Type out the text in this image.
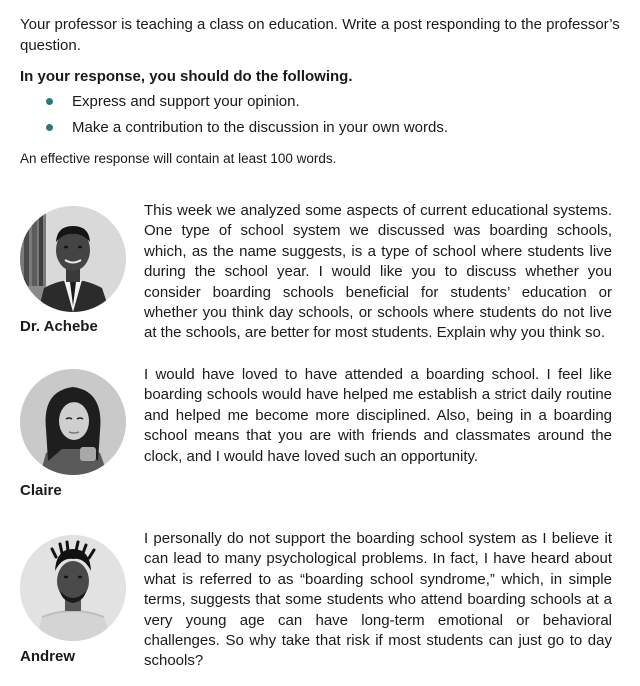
Your professor is teaching a class on education. Write a post responding to the professor’s question.

In your response, you should do the following.

Express and support your opinion.
Make a contribution to the discussion in your own words.

An effective response will contain at least 100 words.

Dr. Achebe

This week we analyzed some aspects of current educational systems. One type of school system we discussed was boarding schools, which, as the name suggests, is a type of school where students live during the school year. I would like you to discuss whether you consider boarding schools beneficial for students’ education or whether you think day schools, or schools where students do not live at the schools, are better for most students. Explain why you think so.

Claire

I would have loved to have attended a boarding school. I feel like boarding schools would have helped me establish a strict daily routine and helped me become more disciplined. Also, being in a boarding school means that you are with friends and classmates around the clock, and I would have loved such an opportunity.

Andrew

I personally do not support the boarding school system as I believe it can lead to many psychological problems. In fact, I have heard about what is referred to as “boarding school syndrome,” which, in simple terms, suggests that some students who attend boarding schools at a very young age can have long-term emotional or behavioral challenges. So why take that risk if most students can just go to day schools?
